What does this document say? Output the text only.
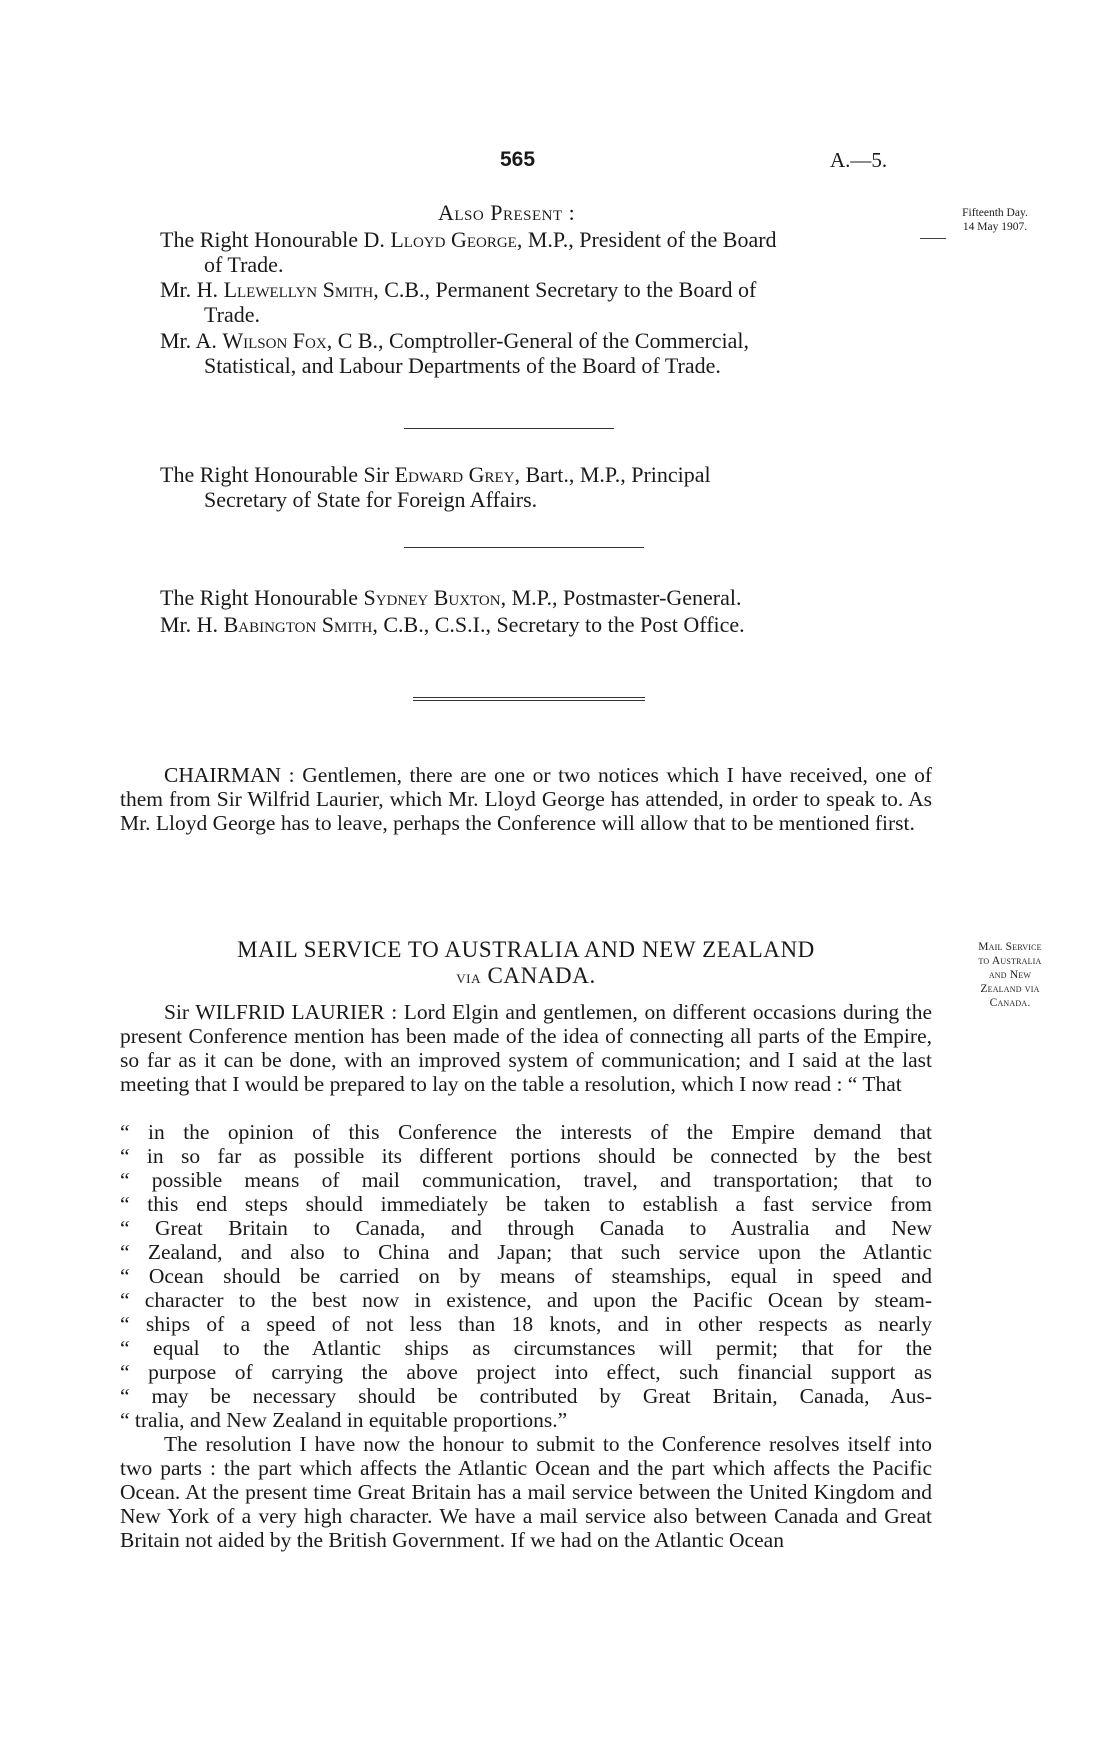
565	A.—5.
Fifteenth Day.
14 May 1907.
Also Present :
The Right Honourable D. Lloyd George, M.P., President of the Board
of Trade.
Mr. H. Llewellyn Smith, C.B., Permanent Secretary to the Board of
Trade.
Mr. A. Wilson Fox, C B., Comptroller-General of the Commercial,
Statistical, and Labour Departments of the Board of Trade.
The Right Honourable Sir Edward Grey, Bart., M.P., Principal
Secretary of State for Foreign Affairs.
The Right Honourable Sydney Buxton, M.P., Postmaster-General.
Mr. H. Babington Smith, C.B., C.S.I., Secretary to the Post Office.
CHAIRMAN : Gentlemen, there are one or two notices which I have received, one of them from Sir Wilfrid Laurier, which Mr. Lloyd George has attended, in order to speak to. As Mr. Lloyd George has to leave, perhaps the Conference will allow that to be mentioned first.
MAIL SERVICE TO AUSTRALIA AND NEW ZEALAND
via CANADA.
Mail Service
to Australia
and New
Zealand via
Canada.
Sir WILFRID LAURIER : Lord Elgin and gentlemen, on different occasions during the present Conference mention has been made of the idea of connecting all parts of the Empire, so far as it can be done, with an improved system of communication; and I said at the last meeting that I would be prepared to lay on the table a resolution, which I now read : “ That
“ in the opinion of this Conference the interests of the Empire demand that
“ in so far as possible its different portions should be connected by the best
“ possible means of mail communication, travel, and transportation; that to
“ this end steps should immediately be taken to establish a fast service from
“ Great Britain to Canada, and through Canada to Australia and New
“ Zealand, and also to China and Japan; that such service upon the Atlantic
“ Ocean should be carried on by means of steamships, equal in speed and
“ character to the best now in existence, and upon the Pacific Ocean by steam-
“ ships of a speed of not less than 18 knots, and in other respects as nearly
“ equal to the Atlantic ships as circumstances will permit; that for the
“ purpose of carrying the above project into effect, such financial support as
“ may be necessary should be contributed by Great Britain, Canada, Aus-
“ tralia, and New Zealand in equitable proportions.”
The resolution I have now the honour to submit to the Conference resolves itself into two parts : the part which affects the Atlantic Ocean and the part which affects the Pacific Ocean. At the present time Great Britain has a mail service between the United Kingdom and New York of a very high character. We have a mail service also between Canada and Great Britain not aided by the British Government. If we had on the Atlantic Ocean
